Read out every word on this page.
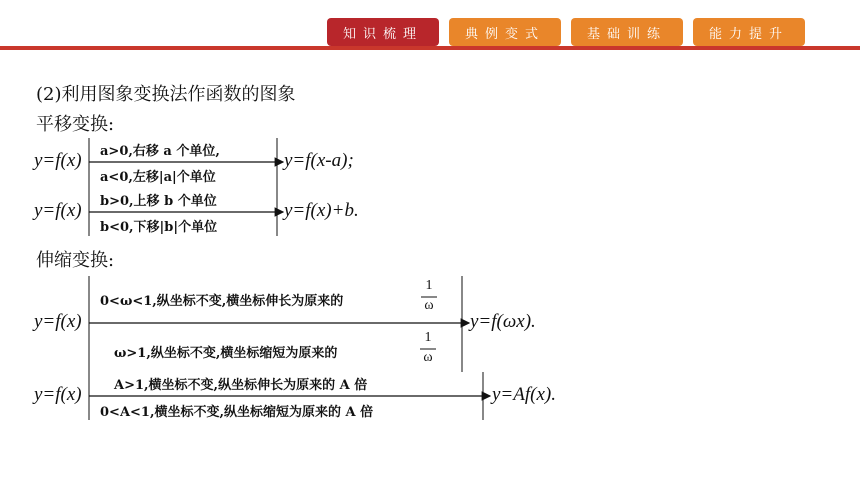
知识梳理	典例变式	基础训练	能力提升
(2)利用图象变换法作函数的图象
平移变换:
y=f(x) a>0,右移 a 个单位,
a<0,左移|a|个单位
y=f(x-a);
y=f(x) b>0,上移 b 个单位
b<0,下移|b|个单位
y=f(x)+b.
伸缩变换:
y=f(x)
0<ω<1,纵坐标不变,横坐标伸长为原来的
1
ω
ω>1,纵坐标不变,横坐标缩短为原来的
1
ω
y=f(ωx).
y=f(x) A>1,横坐标不变,纵坐标伸长为原来的 A 倍
0<A<1,横坐标不变,纵坐标缩短为原来的 A 倍
y=Af(x).
